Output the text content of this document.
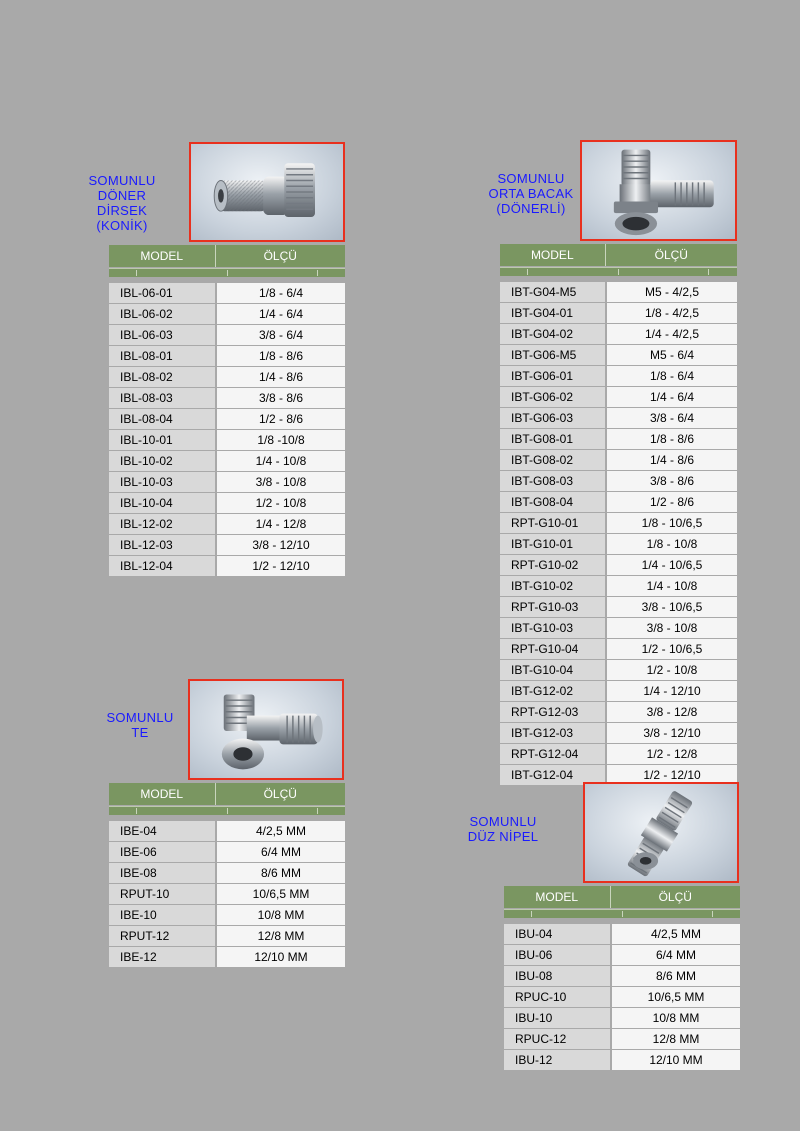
SOMUNLU
DÖNER DİRSEK
(KONİK)
MODEL	ÖLÇÜ
IBL-06-01	1/8 - 6/4
IBL-06-02	1/4 - 6/4
IBL-06-03	3/8 - 6/4
IBL-08-01	1/8 - 8/6
IBL-08-02	1/4 - 8/6
IBL-08-03	3/8 - 8/6
IBL-08-04	1/2 - 8/6
IBL-10-01	1/8 -10/8
IBL-10-02	1/4 - 10/8
IBL-10-03	3/8 - 10/8
IBL-10-04	1/2 - 10/8
IBL-12-02	1/4 - 12/8
IBL-12-03	3/8 - 12/10
IBL-12-04	1/2 - 12/10
SOMUNLU
ORTA BACAK
(DÖNERLİ)
MODEL	ÖLÇÜ
IBT-G04-M5	M5 - 4/2,5
IBT-G04-01	1/8 - 4/2,5
IBT-G04-02	1/4 - 4/2,5
IBT-G06-M5	M5 - 6/4
IBT-G06-01	1/8 - 6/4
IBT-G06-02	1/4 - 6/4
IBT-G06-03	3/8 - 6/4
IBT-G08-01	1/8 - 8/6
IBT-G08-02	1/4 - 8/6
IBT-G08-03	3/8 - 8/6
IBT-G08-04	1/2 - 8/6
RPT-G10-01	1/8 - 10/6,5
IBT-G10-01	1/8 - 10/8
RPT-G10-02	1/4 - 10/6,5
IBT-G10-02	1/4 - 10/8
RPT-G10-03	3/8 - 10/6,5
IBT-G10-03	3/8 - 10/8
RPT-G10-04	1/2 - 10/6,5
IBT-G10-04	1/2 - 10/8
IBT-G12-02	1/4 - 12/10
RPT-G12-03	3/8 - 12/8
IBT-G12-03	3/8 - 12/10
RPT-G12-04	1/2 - 12/8
IBT-G12-04	1/2 - 12/10
SOMUNLU
TE
MODEL	ÖLÇÜ
IBE-04	4/2,5 MM
IBE-06	6/4 MM
IBE-08	8/6 MM
RPUT-10	10/6,5 MM
IBE-10	10/8 MM
RPUT-12	12/8 MM
IBE-12	12/10 MM
SOMUNLU
DÜZ NİPEL
MODEL	ÖLÇÜ
IBU-04	4/2,5 MM
IBU-06	6/4 MM
IBU-08	8/6 MM
RPUC-10	10/6,5 MM
IBU-10	10/8 MM
RPUC-12	12/8 MM
IBU-12	12/10 MM
